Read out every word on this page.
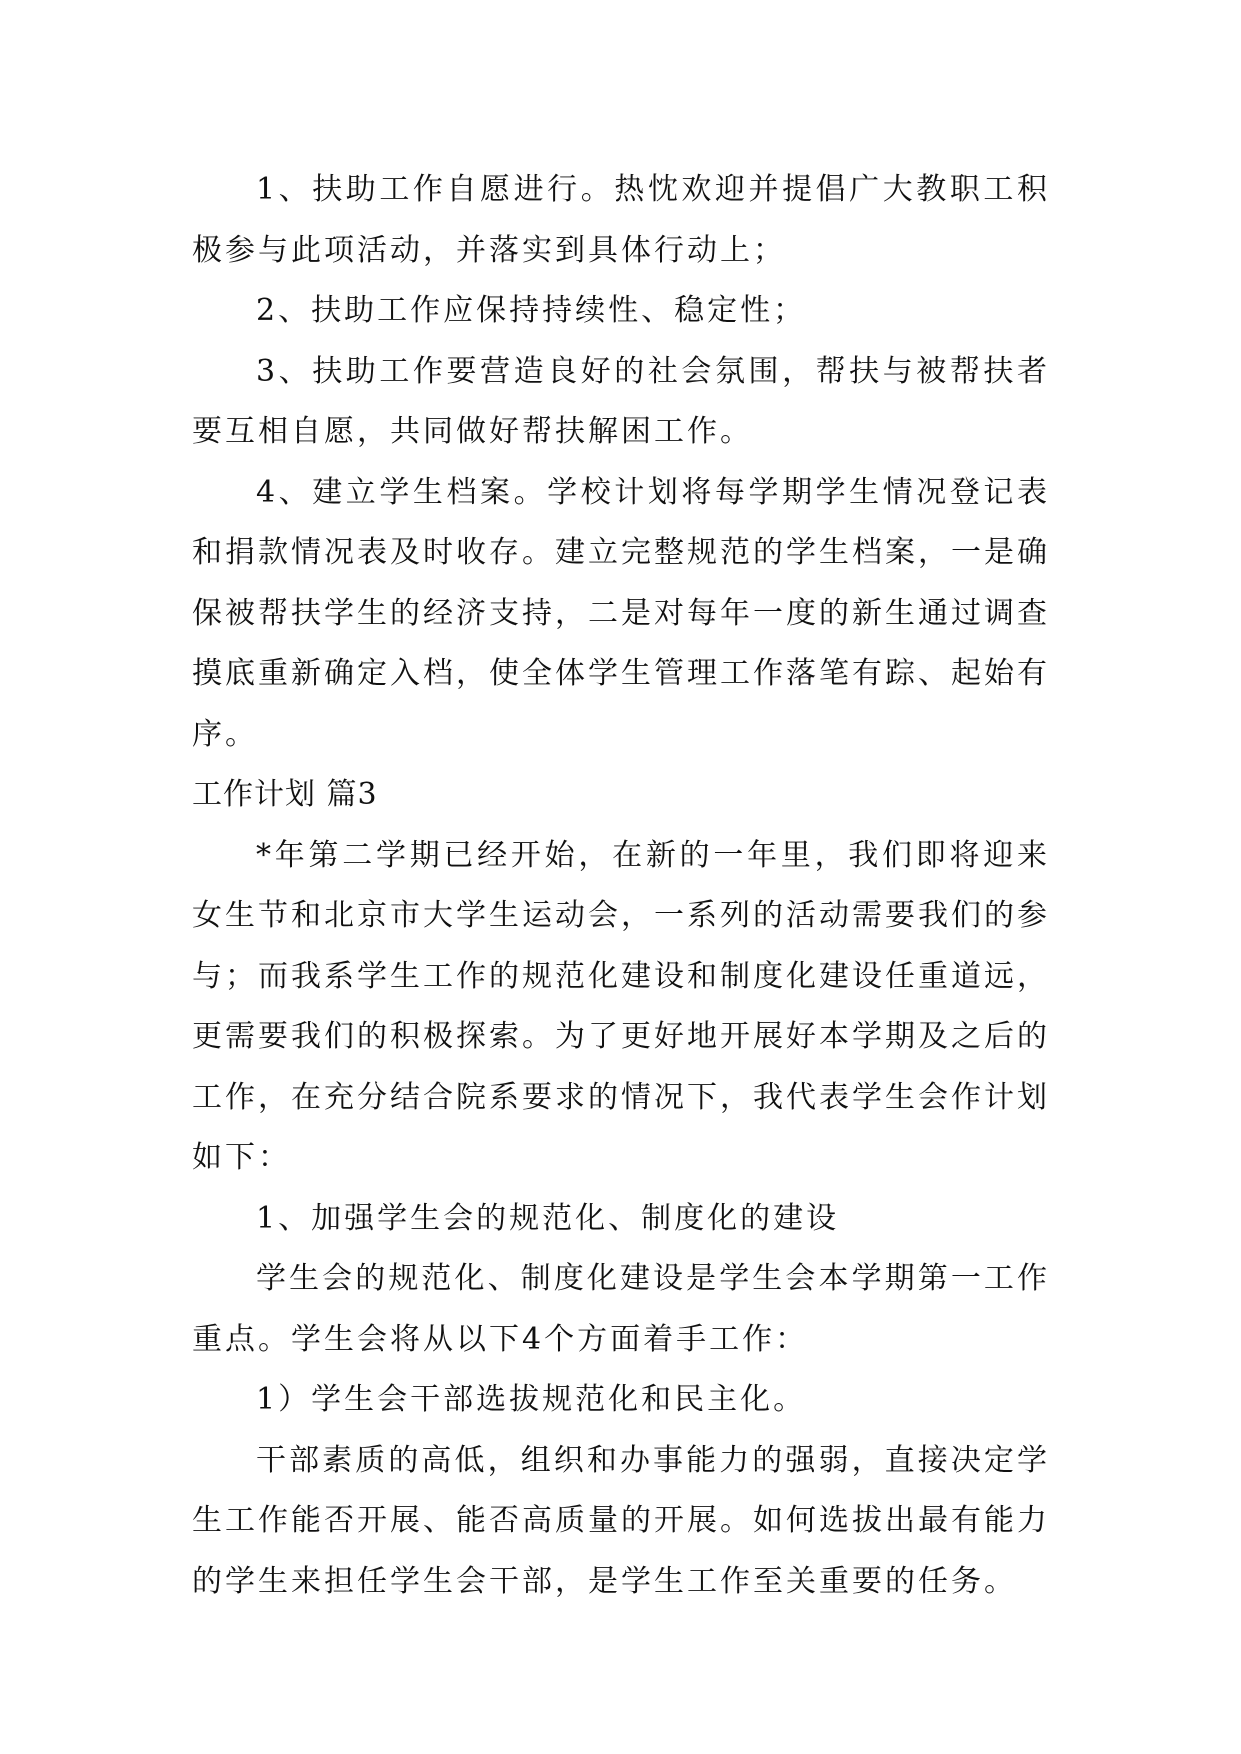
1、扶助工作自愿进行。热忱欢迎并提倡广大教职工积极参与此项活动，并落实到具体行动上；

2、扶助工作应保持持续性、稳定性；

3、扶助工作要营造良好的社会氛围，帮扶与被帮扶者要互相自愿，共同做好帮扶解困工作。

4、建立学生档案。学校计划将每学期学生情况登记表和捐款情况表及时收存。建立完整规范的学生档案，一是确保被帮扶学生的经济支持，二是对每年一度的新生通过调查摸底重新确定入档，使全体学生管理工作落笔有踪、起始有序。

工作计划 篇3

*年第二学期已经开始，在新的一年里，我们即将迎来女生节和北京市大学生运动会，一系列的活动需要我们的参与；而我系学生工作的规范化建设和制度化建设任重道远，更需要我们的积极探索。为了更好地开展好本学期及之后的工作，在充分结合院系要求的情况下，我代表学生会作计划如下：

1、加强学生会的规范化、制度化的建设

学生会的规范化、制度化建设是学生会本学期第一工作重点。学生会将从以下4个方面着手工作：

1）学生会干部选拔规范化和民主化。

干部素质的高低，组织和办事能力的强弱，直接决定学生工作能否开展、能否高质量的开展。如何选拔出最有能力的学生来担任学生会干部，是学生工作至关重要的任务。
